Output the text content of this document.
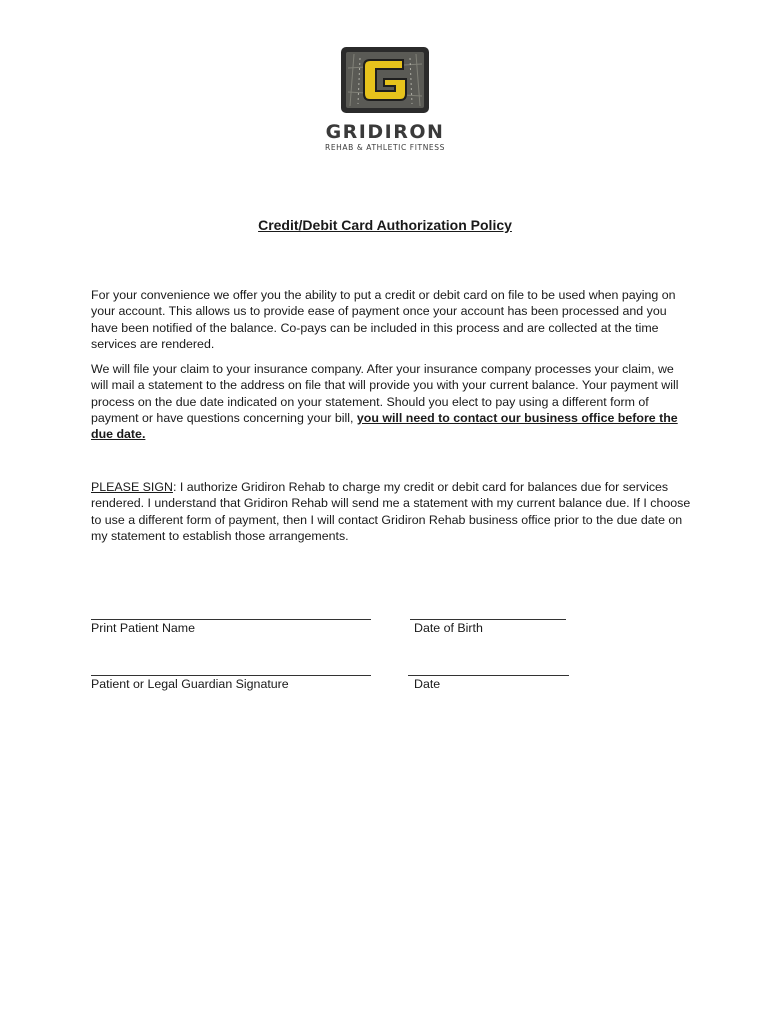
GRIDIRON
REHAB & ATHLETIC FITNESS
Credit/Debit Card Authorization Policy

For your convenience we offer you the ability to put a credit or debit card on file to be used when paying on your account. This allows us to provide ease of payment once your account has been processed and you have been notified of the balance. Co-pays can be included in this process and are collected at the time services are rendered.

We will file your claim to your insurance company. After your insurance company processes your claim, we will mail a statement to the address on file that will provide you with your current balance. Your payment will process on the due date indicated on your statement. Should you elect to pay using a different form of payment or have questions concerning your bill, you will need to contact our business office before the due date.

PLEASE SIGN: I authorize Gridiron Rehab to charge my credit or debit card for balances due for services rendered. I understand that Gridiron Rehab will send me a statement with my current balance due. If I choose to use a different form of payment, then I will contact Gridiron Rehab business office prior to the due date on my statement to establish those arrangements.

Print Patient Name	Date of Birth

Patient or Legal Guardian Signature	Date
